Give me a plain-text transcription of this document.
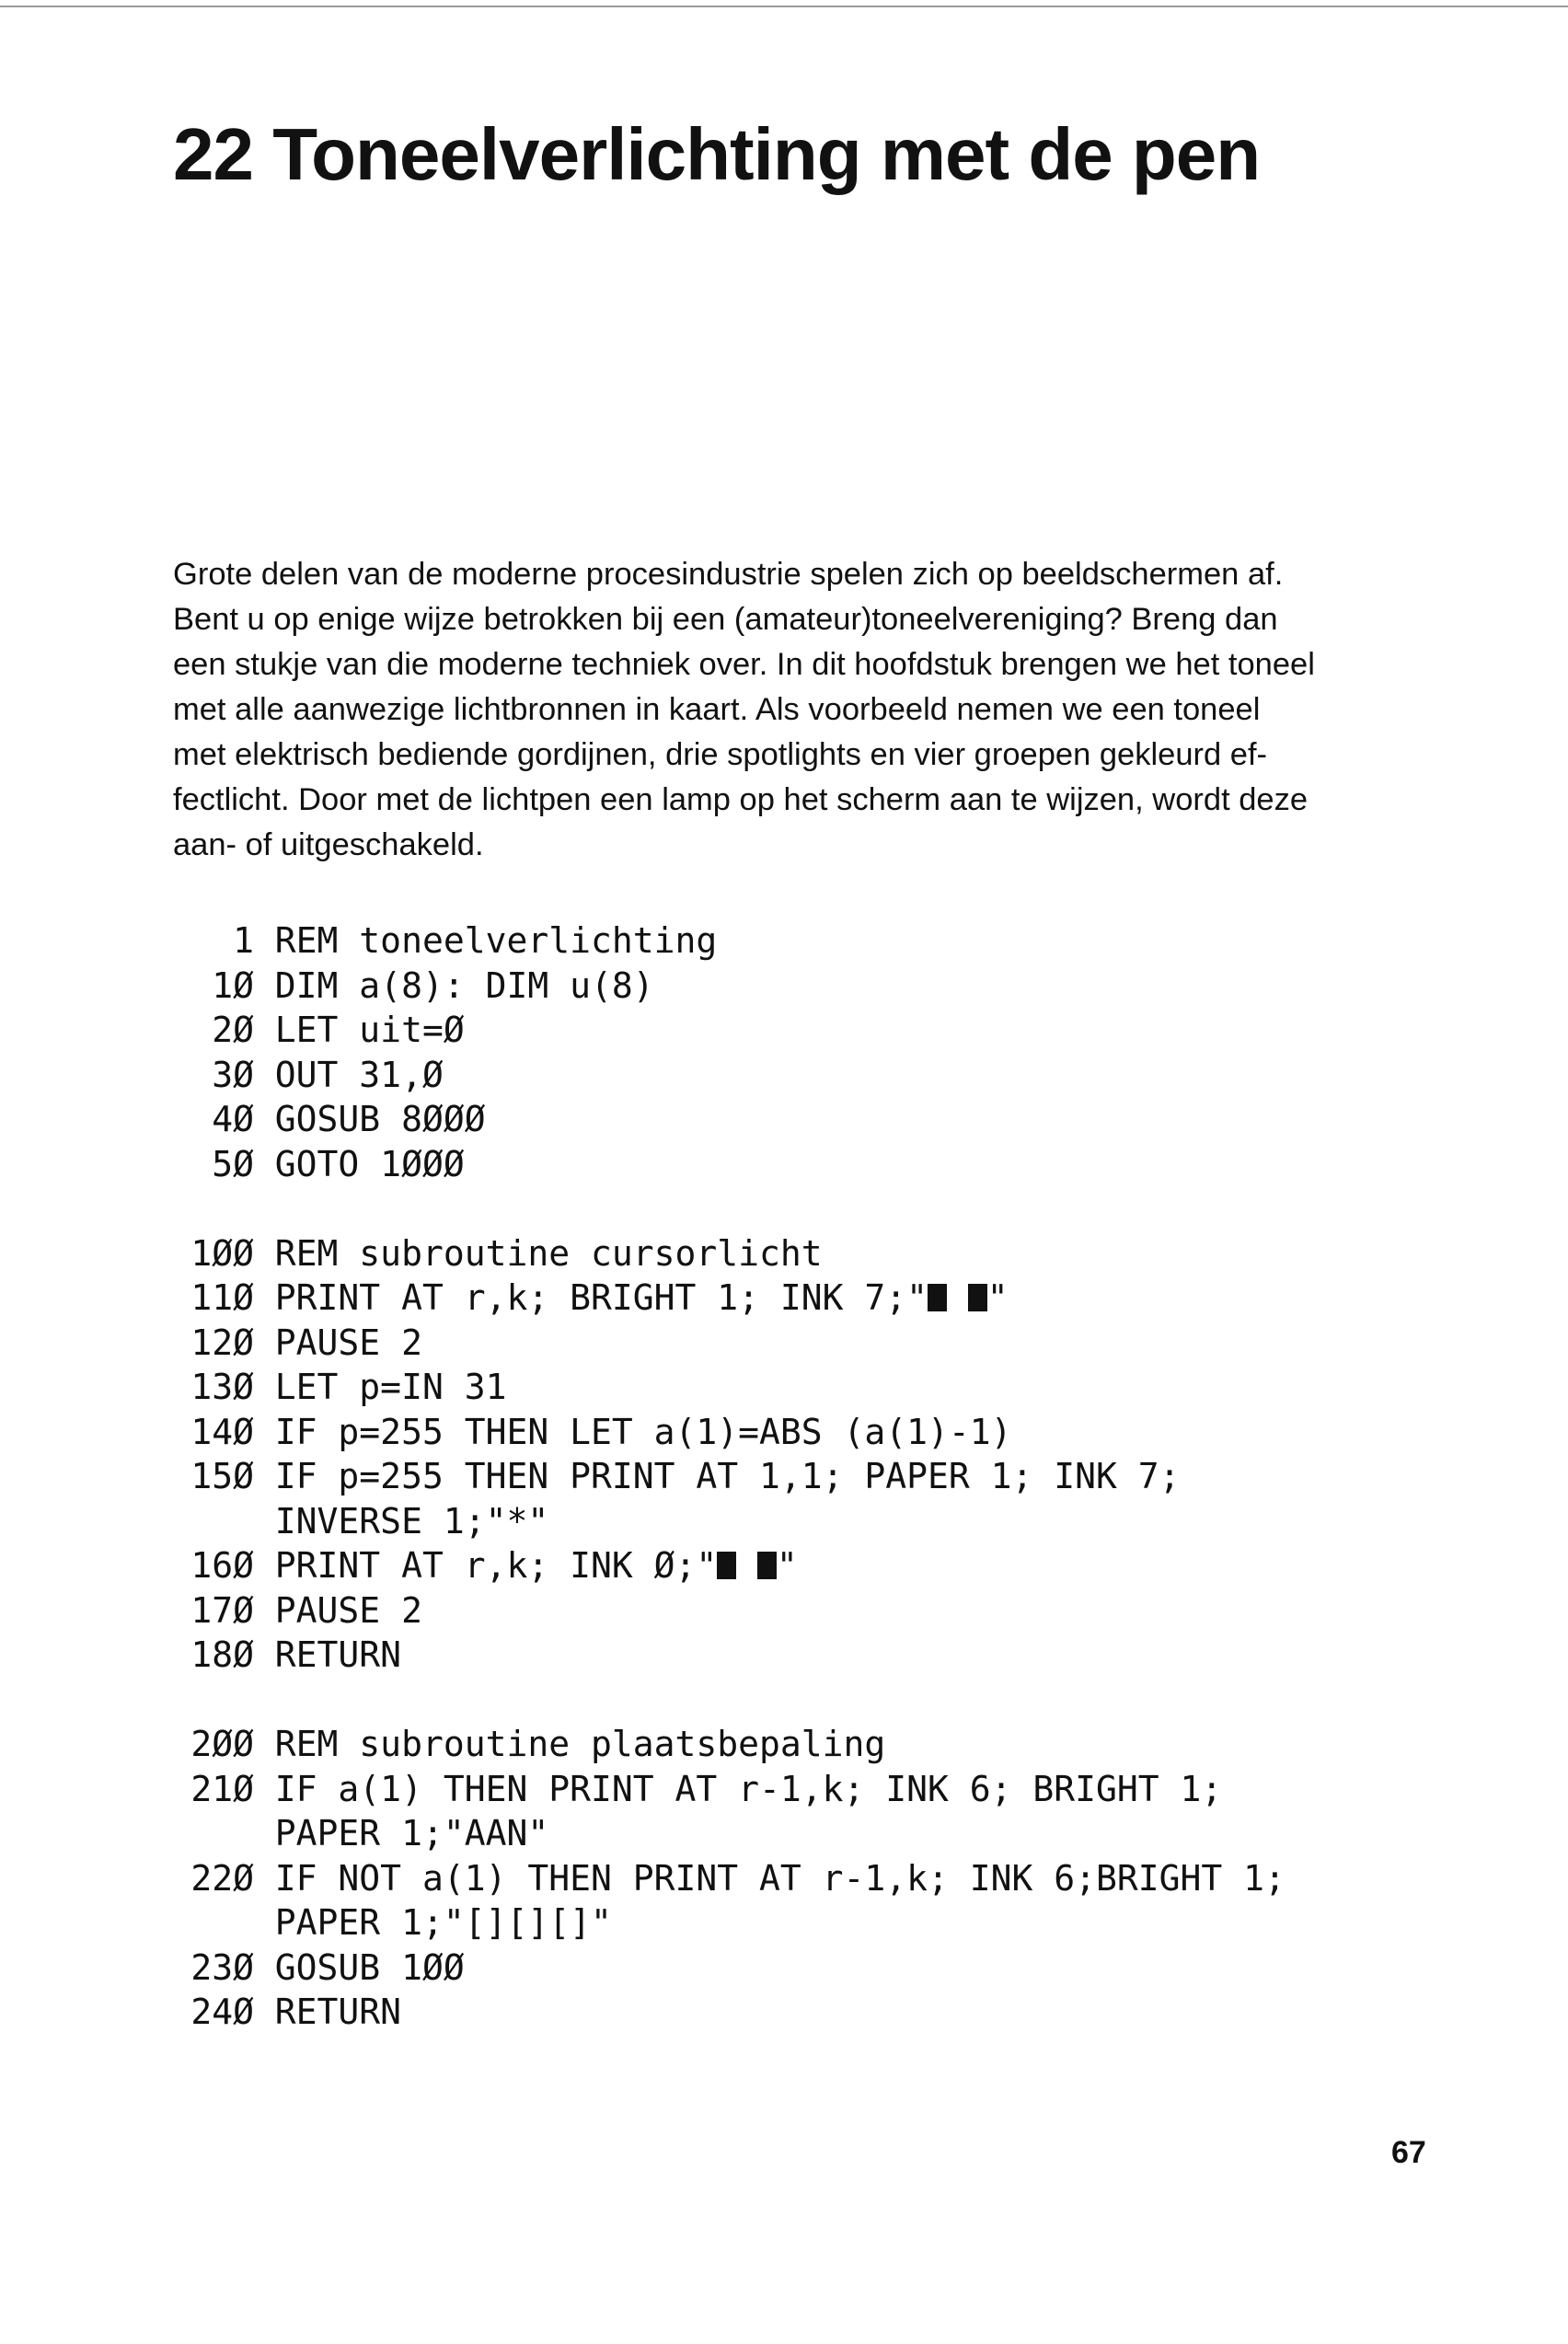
22 Toneelverlichting met de pen

Grote delen van de moderne procesindustrie spelen zich op beeldschermen af.
Bent u op enige wijze betrokken bij een (amateur)toneelvereniging? Breng dan
een stukje van die moderne techniek over. In dit hoofdstuk brengen we het toneel
met alle aanwezige lichtbronnen in kaart. Als voorbeeld nemen we een toneel
met elektrisch bediende gordijnen, drie spotlights en vier groepen gekleurd ef-
fectlicht. Door met de lichtpen een lamp op het scherm aan te wijzen, wordt deze
aan- of uitgeschakeld.

1 REM toneelverlichting
1Ø DIM a(8): DIM u(8)
2Ø LET uit=Ø
3Ø OUT 31,Ø
4Ø GOSUB 8ØØØ
5Ø GOTO 1ØØØ
1ØØ REM subroutine cursorlicht
11Ø PRINT AT r,k; BRIGHT 1; INK 7;" "
12Ø PAUSE 2
13Ø LET p=IN 31
14Ø IF p=255 THEN LET a(1)=ABS (a(1)-1)
15Ø IF p=255 THEN PRINT AT 1,1; PAPER 1; INK 7;
INVERSE 1;"*"
16Ø PRINT AT r,k; INK Ø;" "
17Ø PAUSE 2
18Ø RETURN
2ØØ REM subroutine plaatsbepaling
21Ø IF a(1) THEN PRINT AT r-1,k; INK 6; BRIGHT 1;
PAPER 1;"AAN"
22Ø IF NOT a(1) THEN PRINT AT r-1,k; INK 6;BRIGHT 1;
PAPER 1;"[][][]"
23Ø GOSUB 1ØØ
24Ø RETURN
67
